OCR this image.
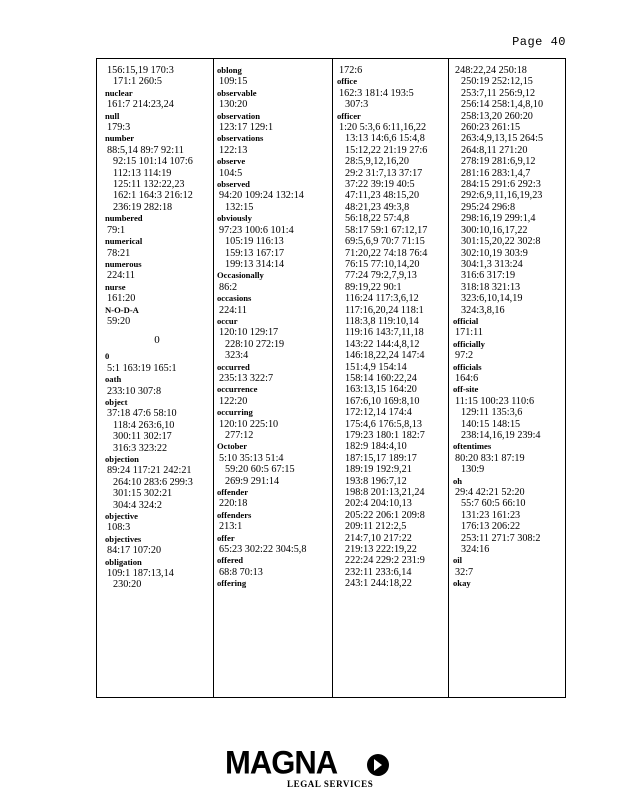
Page 40
156:15,19 170:3
171:1 260:5
nuclear
161:7 214:23,24
null
179:3
number
88:5,14 89:7 92:11
92:15 101:14 107:6
112:13 114:19
125:11 132:22,23
162:1 164:3 216:12
236:19 282:18
numbered
79:1
numerical
78:21
numerous
224:11
nurse
161:20
N-O-D-A
59:20
0
0
5:1 163:19 165:1
oath
233:10 307:8
object
37:18 47:6 58:10
118:4 263:6,10
300:11 302:17
316:3 323:22
objection
89:24 117:21 242:21
264:10 283:6 299:3
301:15 302:21
304:4 324:2
objective
108:3
objectives
84:17 107:20
obligation
109:1 187:13,14
230:20
oblong
109:15
observable
130:20
observation
123:17 129:1
observations
122:13
observe
104:5
observed
94:20 109:24 132:14
132:15
obviously
97:23 100:6 101:4
105:19 116:13
159:13 167:17
199:13 314:14
Occasionally
86:2
occasions
224:11
occur
120:10 129:17
228:10 272:19
323:4
occurred
235:13 322:7
occurrence
122:20
occurring
120:10 225:10
277:12
October
5:10 35:13 51:4
59:20 60:5 67:15
269:9 291:14
offender
220:18
offenders
213:1
offer
65:23 302:22 304:5,8
offered
68:8 70:13
offering
172:6
office
162:3 181:4 193:5
307:3
officer
1:20 5:3,6 6:11,16,22
13:13 14:6,6 15:4,8
15:12,22 21:19 27:6
28:5,9,12,16,20
29:2 31:7,13 37:17
37:22 39:19 40:5
47:11,23 48:15,20
48:21,23 49:3,8
56:18,22 57:4,8
58:17 59:1 67:12,17
69:5,6,9 70:7 71:15
71:20,22 74:18 76:4
76:15 77:10,14,20
77:24 79:2,7,9,13
89:19,22 90:1
116:24 117:3,6,12
117:16,20,24 118:1
118:3,8 119:10,14
119:16 143:7,11,18
143:22 144:4,8,12
146:18,22,24 147:4
151:4,9 154:14
158:14 160:22,24
163:13,15 164:20
167:6,10 169:8,10
172:12,14 174:4
175:4,6 176:5,8,13
179:23 180:1 182:7
182:9 184:4,10
187:15,17 189:17
189:19 192:9,21
193:8 196:7,12
198:8 201:13,21,24
202:4 204:10,13
205:22 206:1 209:8
209:11 212:2,5
214:7,10 217:22
219:13 222:19,22
222:24 229:2 231:9
232:11 233:6,14
243:1 244:18,22
248:22,24 250:18
250:19 252:12,15
253:7,11 256:9,12
256:14 258:1,4,8,10
258:13,20 260:20
260:23 261:15
263:4,9,13,15 264:5
264:8,11 271:20
278:19 281:6,9,12
281:16 283:1,4,7
284:15 291:6 292:3
292:6,9,11,16,19,23
295:24 296:8
298:16,19 299:1,4
300:10,16,17,22
301:15,20,22 302:8
302:10,19 303:9
304:1,3 313:24
316:6 317:19
318:18 321:13
323:6,10,14,19
324:3,8,16
official
171:11
officially
97:2
officials
164:6
off-site
11:15 100:23 110:6
129:11 135:3,6
140:15 148:15
238:14,16,19 239:4
oftentimes
80:20 83:1 87:19
130:9
oh
29:4 42:21 52:20
55:7 60:5 66:10
131:23 161:23
176:13 206:22
253:11 271:7 308:2
324:16
oil
32:7
okay
MAGNA
LEGAL SERVICES
